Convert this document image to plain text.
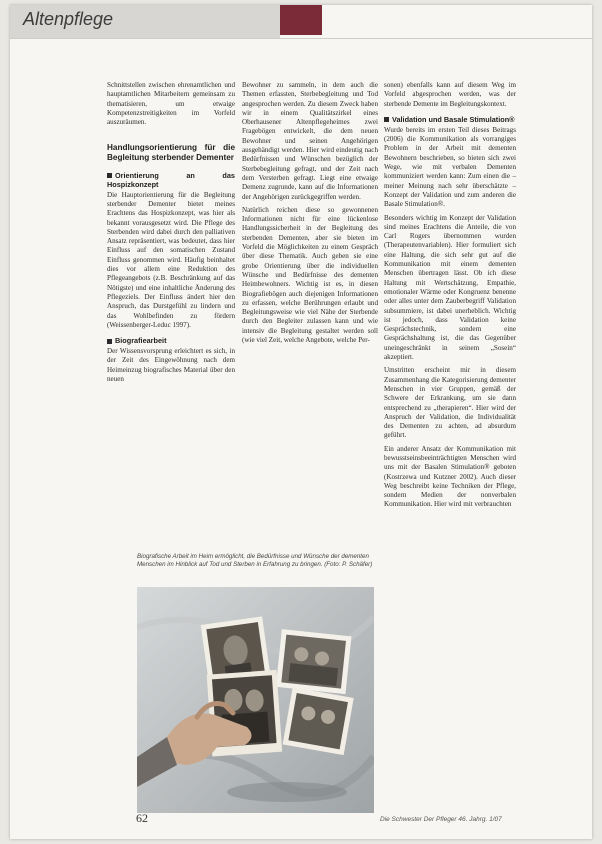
Altenpflege

Schnittstellen zwischen ehrenamtlichen und hauptamtlichen Mitarbeitern gemeinsam zu thematisieren, um etwaige Kompetenzstreitigkeiten im Vorfeld auszuräumen.

Handlungsorientierung für die Begleitung sterbender Dementer
Orientierung an das Hospizkonzept

Die Hauptorientierung für die Begleitung sterbender Dementer bietet meines Erachtens das Hospizkonzept, was hier als bekannt vorausgesetzt wird. Die Pflege des Sterbenden wird dabei durch den palliativen Ansatz repräsentiert, was bedeutet, dass hier Einfluss auf den somatischen Zustand Einfluss genommen wird. Häufig beinhaltet dies vor allem eine Reduktion des Pflegeangebots (z.B. Beschränkung auf das Nötigste) und eine inhaltliche Änderung des Pflegeziels. Der Einfluss ändert hier den Anspruch, das Durstgefühl zu lindern und das Wohlbefinden zu fördern (Weissenberger-Leduc 1997).

Biografiearbeit

Der Wissensvorsprung erleichtert es sich, in der Zeit des Eingewöhnung nach dem Heimeinzug biografisches Material über den neuen

Bewohner zu sammeln, in dem auch die Themen erfassten, Sterbebegleitung und Tod angesprochen werden. Zu diesem Zweck haben wir in einem Qualitätszirkel eines Oberhausener Altenpflegeheimes zwei Fragebögen entwickelt, die dem neuen Bewohner und seinen Angehörigen ausgehändigt werden. Hier wird eindeutig nach Bedürfnissen und Wünschen bezüglich der Sterbebegleitung gefragt, und der Zeit nach dem Versterben gefragt. Liegt eine etwaige Demenz zugrunde, kann auf die Informationen der Angehörigen zurückgegriffen werden.

Natürlich reichen diese so gewonnenen Informationen nicht für eine lückenlose Handlungssicherheit in der Begleitung des sterbenden Dementen, aber sie bieten im Vorfeld die Möglichkeiten zu einem Gespräch über diese Thematik. Auch geben sie eine grobe Orientierung über die individuellen Wünsche und Bedürfnisse des dementen Heimbewohners. Wichtig ist es, in diesen Biografiebögen auch diejenigen Informationen zu erfassen, welche Berührungen erlaubt und Begleitungsweise wie viel Nähe der Sterbende durch den Begleiter zulassen kann und wie intensiv die Begleitung gestaltet werden soll (wie viel Zeit, welche Angebote, welche Per-

sonen) ebenfalls kann auf diesem Weg im Vorfeld abgesprochen werden, was der sterbende Demente im Begleitungskontext.

Validation und Basale Stimulation®

Wurde bereits im ersten Teil dieses Beitrags (2006) die Kommunikation als vorrangiges Problem in der Arbeit mit dementen Bewohnern beschrieben, so bieten sich zwei Wege, wie mit verbalen Dementen kommuniziert werden kann: Zum einen die – meiner Meinung nach sehr überschätzte – Konzept der Validation und zum anderen die Basale Stimulation®.

Besonders wichtig im Konzept der Validation sind meines Erachtens die Anteile, die von Carl Rogers übernommen wurden (Therapeutenvariablen). Hier formuliert sich eine Haltung, die sich sehr gut auf die Kommunikation mit einem dementen Menschen übertragen lässt. Ob ich diese Haltung mit Wertschätzung, Empathie, emotionaler Wärme oder Kongruenz benenne oder alles unter dem Zauberbegriff Validation subsummiere, ist dabei unerheblich. Wichtig ist jedoch, dass Validation keine Gesprächstechnik, sondern eine Gesprächshaltung ist, die das Gegenüber uneingeschränkt in seinem „Sosein“ akzeptiert.

Umstritten erscheint mir in diesem Zusammenhang die Kategorisierung dementer Menschen in vier Gruppen, gemäß der Schwere der Erkrankung, um sie dann entsprechend zu „therapieren“. Hier wird der Anspruch der Validation, die Individualität des Dementen zu achten, ad absurdum geführt.

Ein anderer Ansatz der Kommunikation mit bewusstseinsbeeinträchtigten Menschen wird uns mit der Basalen Stimulation® geboten (Kostrzewa und Kutzner 2002). Auch dieser Weg beschreibt keine Techniken der Pflege, sondern Medien der nonverbalen Kommunikation. Hier wird mit verbrauchten

Biografische Arbeit im Heim ermöglicht, die Bedürfnisse und Wünsche der dementen Menschen im Hinblick auf Tod und Sterben in Erfahrung zu bringen. (Foto: P. Schäfer)
62	Die Schwester Der Pfleger 46. Jahrg. 1/07
